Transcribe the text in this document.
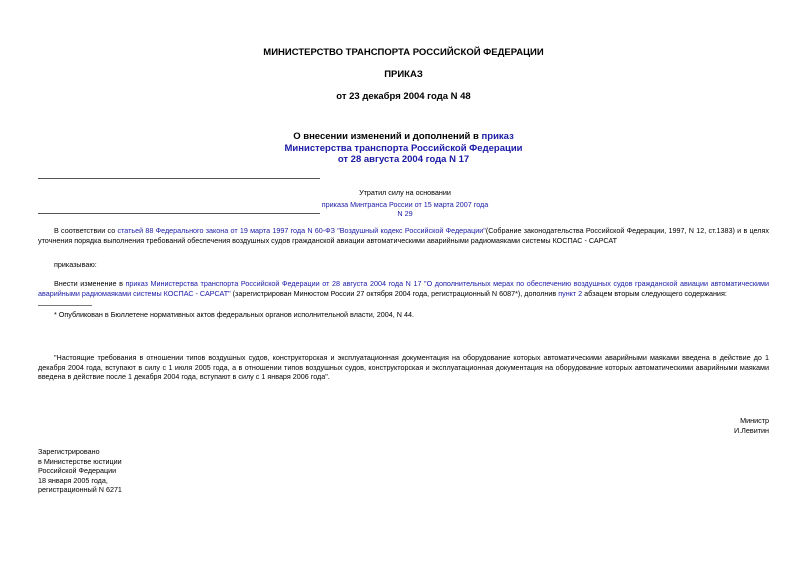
МИНИСТЕРСТВО ТРАНСПОРТА РОССИЙСКОЙ ФЕДЕРАЦИИ
ПРИКАЗ
от 23 декабря 2004 года N 48
О внесении изменений и дополнений в приказ
Министерства транспорта Российской Федерации
от 28 августа 2004 года N 17
Утратил силу на основании
приказа Минтранса России от 15 марта 2007 года N 29
В соответствии со статьей 88 Федерального закона от 19 марта 1997 года N 60-ФЗ "Воздушный кодекс Российской Федерации"(Собрание законодательства Российской Федерации, 1997, N 12, ст.1383) и в целях уточнения порядка выполнения требований обеспечения воздушных судов гражданской авиации автоматическими аварийными радиомаяками системы КОСПАС - САРСАТ
приказываю:
Внести изменение в приказ Министерства транспорта Российской Федерации от 28 августа 2004 года N 17 "О дополнительных мерах по обеспечению воздушных судов гражданской авиации автоматическими аварийными радиомаяками системы КОСПАС - САРСАТ" (зарегистрирован Минюстом России 27 октября 2004 года, регистрационный N 6087*), дополнив пункт 2 абзацем вторым следующего содержания:
* Опубликован в Бюллетене нормативных актов федеральных органов исполнительной власти, 2004, N 44.
"Настоящие требования в отношении типов воздушных судов, конструкторская и эксплуатационная документация на оборудование которых автоматическими аварийными маяками введена в действие до 1 декабря 2004 года, вступают в силу с 1 июля 2005 года, а в отношении типов воздушных судов, конструкторская и эксплуатационная документация на оборудование которых автоматическими аварийными маяками введена в действие после 1 декабря 2004 года, вступают в силу с 1 января 2006 года".
Министр
И.Левитин
Зарегистрировано
в Министерстве юстиции
Российской Федерации
18 января 2005 года,
регистрационный N 6271
